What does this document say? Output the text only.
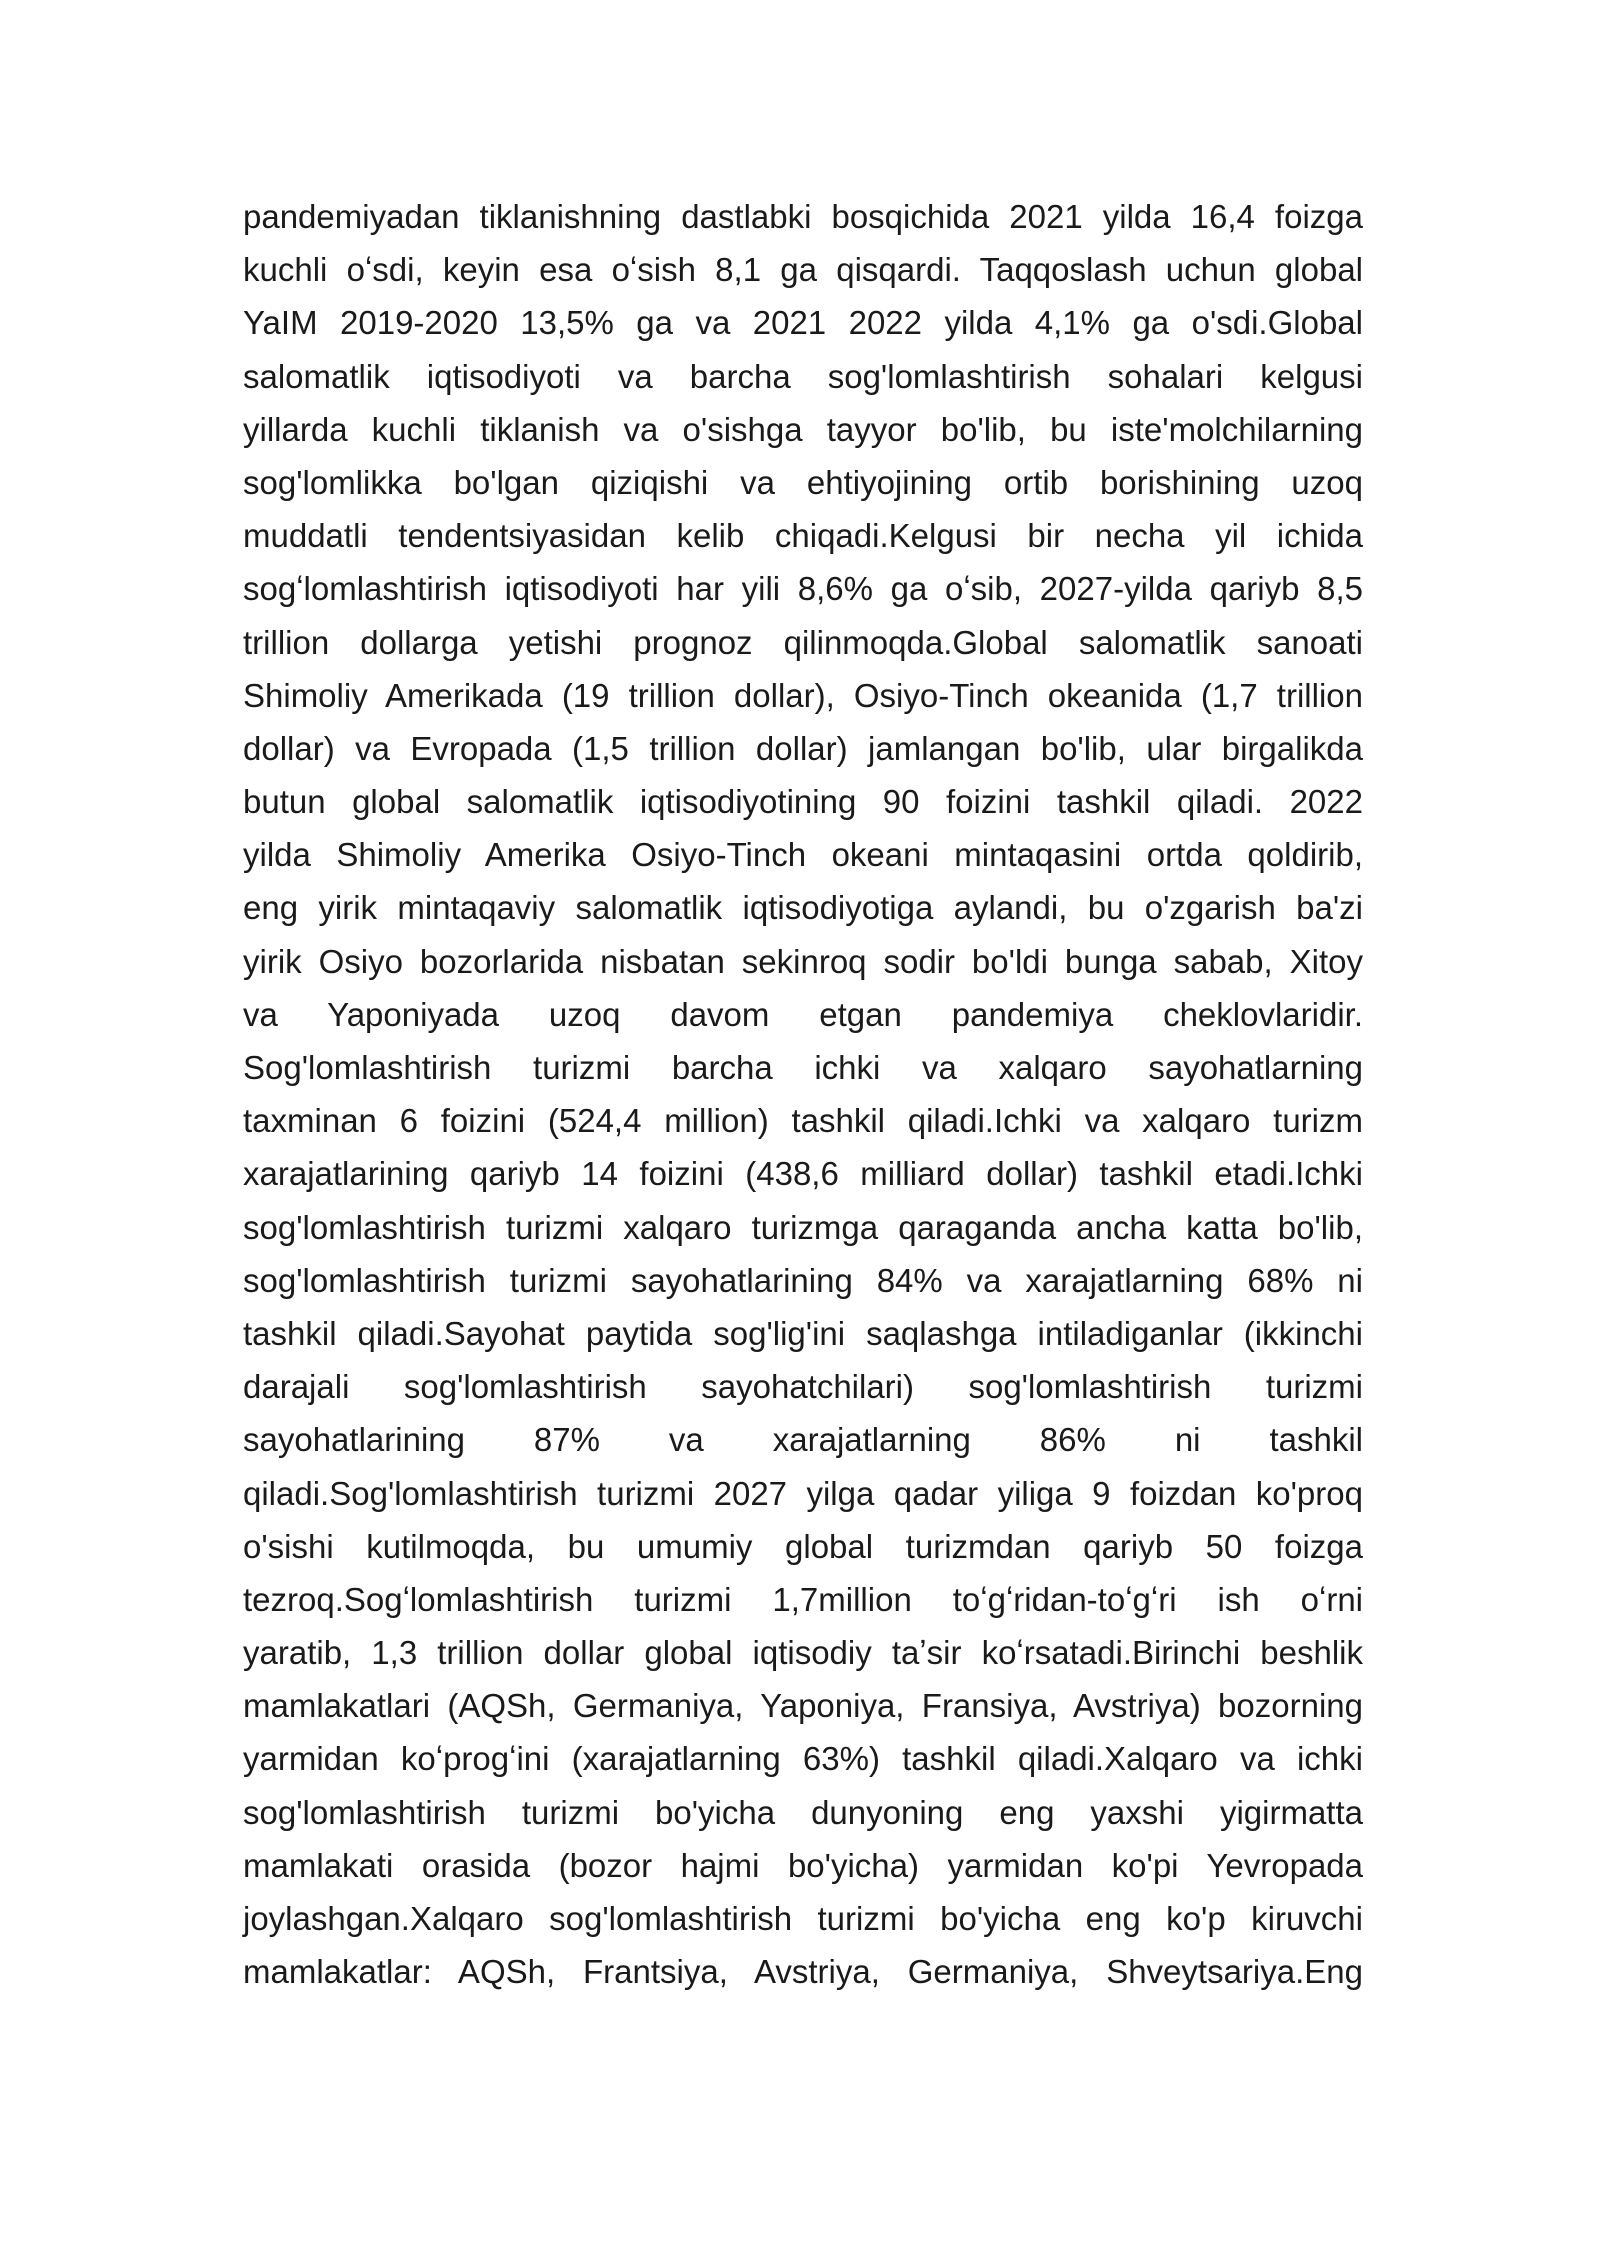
pandemiyadan tiklanishning dastlabki bosqichida 2021 yilda 16,4 foizga
kuchli oʻsdi, keyin esa oʻsish 8,1 ga qisqardi. Taqqoslash uchun global
YaIM 2019-2020 13,5% ga va 2021 2022 yilda 4,1% ga o'sdi.Global
salomatlik iqtisodiyoti va barcha sog'lomlashtirish sohalari kelgusi
yillarda kuchli tiklanish va o'sishga tayyor bo'lib, bu iste'molchilarning
sog'lomlikka bo'lgan qiziqishi va ehtiyojining ortib borishining uzoq
muddatli tendentsiyasidan kelib chiqadi.Kelgusi bir necha yil ichida
sogʻlomlashtirish iqtisodiyoti har yili 8,6% ga oʻsib, 2027-yilda qariyb 8,5
trillion dollarga yetishi prognoz qilinmoqda.Global salomatlik sanoati
Shimoliy Amerikada (19 trillion dollar), Osiyo-Tinch okeanida (1,7 trillion
dollar) va Evropada (1,5 trillion dollar) jamlangan bo'lib, ular birgalikda
butun global salomatlik iqtisodiyotining 90 foizini tashkil qiladi. 2022
yilda Shimoliy Amerika Osiyo-Tinch okeani mintaqasini ortda qoldirib,
eng yirik mintaqaviy salomatlik iqtisodiyotiga aylandi, bu o'zgarish ba'zi
yirik Osiyo bozorlarida nisbatan sekinroq sodir bo'ldi bunga sabab, Xitoy
va Yaponiyada uzoq davom etgan pandemiya cheklovlaridir.
Sog'lomlashtirish turizmi barcha ichki va xalqaro sayohatlarning
taxminan 6 foizini (524,4 million) tashkil qiladi.Ichki va xalqaro turizm
xarajatlarining qariyb 14 foizini (438,6 milliard dollar) tashkil etadi.Ichki
sog'lomlashtirish turizmi xalqaro turizmga qaraganda ancha katta bo'lib,
sog'lomlashtirish turizmi sayohatlarining 84% va xarajatlarning 68% ni
tashkil qiladi.Sayohat paytida sog'lig'ini saqlashga intiladiganlar (ikkinchi
darajali sog'lomlashtirish sayohatchilari) sog'lomlashtirish turizmi
sayohatlarining 87% va xarajatlarning 86% ni tashkil
qiladi.Sog'lomlashtirish turizmi 2027 yilga qadar yiliga 9 foizdan ko'proq
o'sishi kutilmoqda, bu umumiy global turizmdan qariyb 50 foizga
tezroq.Sogʻlomlashtirish turizmi 1,7million toʻgʻridan-toʻgʻri ish oʻrni
yaratib, 1,3 trillion dollar global iqtisodiy taʼsir koʻrsatadi.Birinchi beshlik
mamlakatlari (AQSh, Germaniya, Yaponiya, Fransiya, Avstriya) bozorning
yarmidan koʻprogʻini (xarajatlarning 63%) tashkil qiladi.Xalqaro va ichki
sog'lomlashtirish turizmi bo'yicha dunyoning eng yaxshi yigirmatta
mamlakati orasida (bozor hajmi bo'yicha) yarmidan ko'pi Yevropada
joylashgan.Xalqaro sog'lomlashtirish turizmi bo'yicha eng ko'p kiruvchi
mamlakatlar: AQSh, Frantsiya, Avstriya, Germaniya, Shveytsariya.Eng
